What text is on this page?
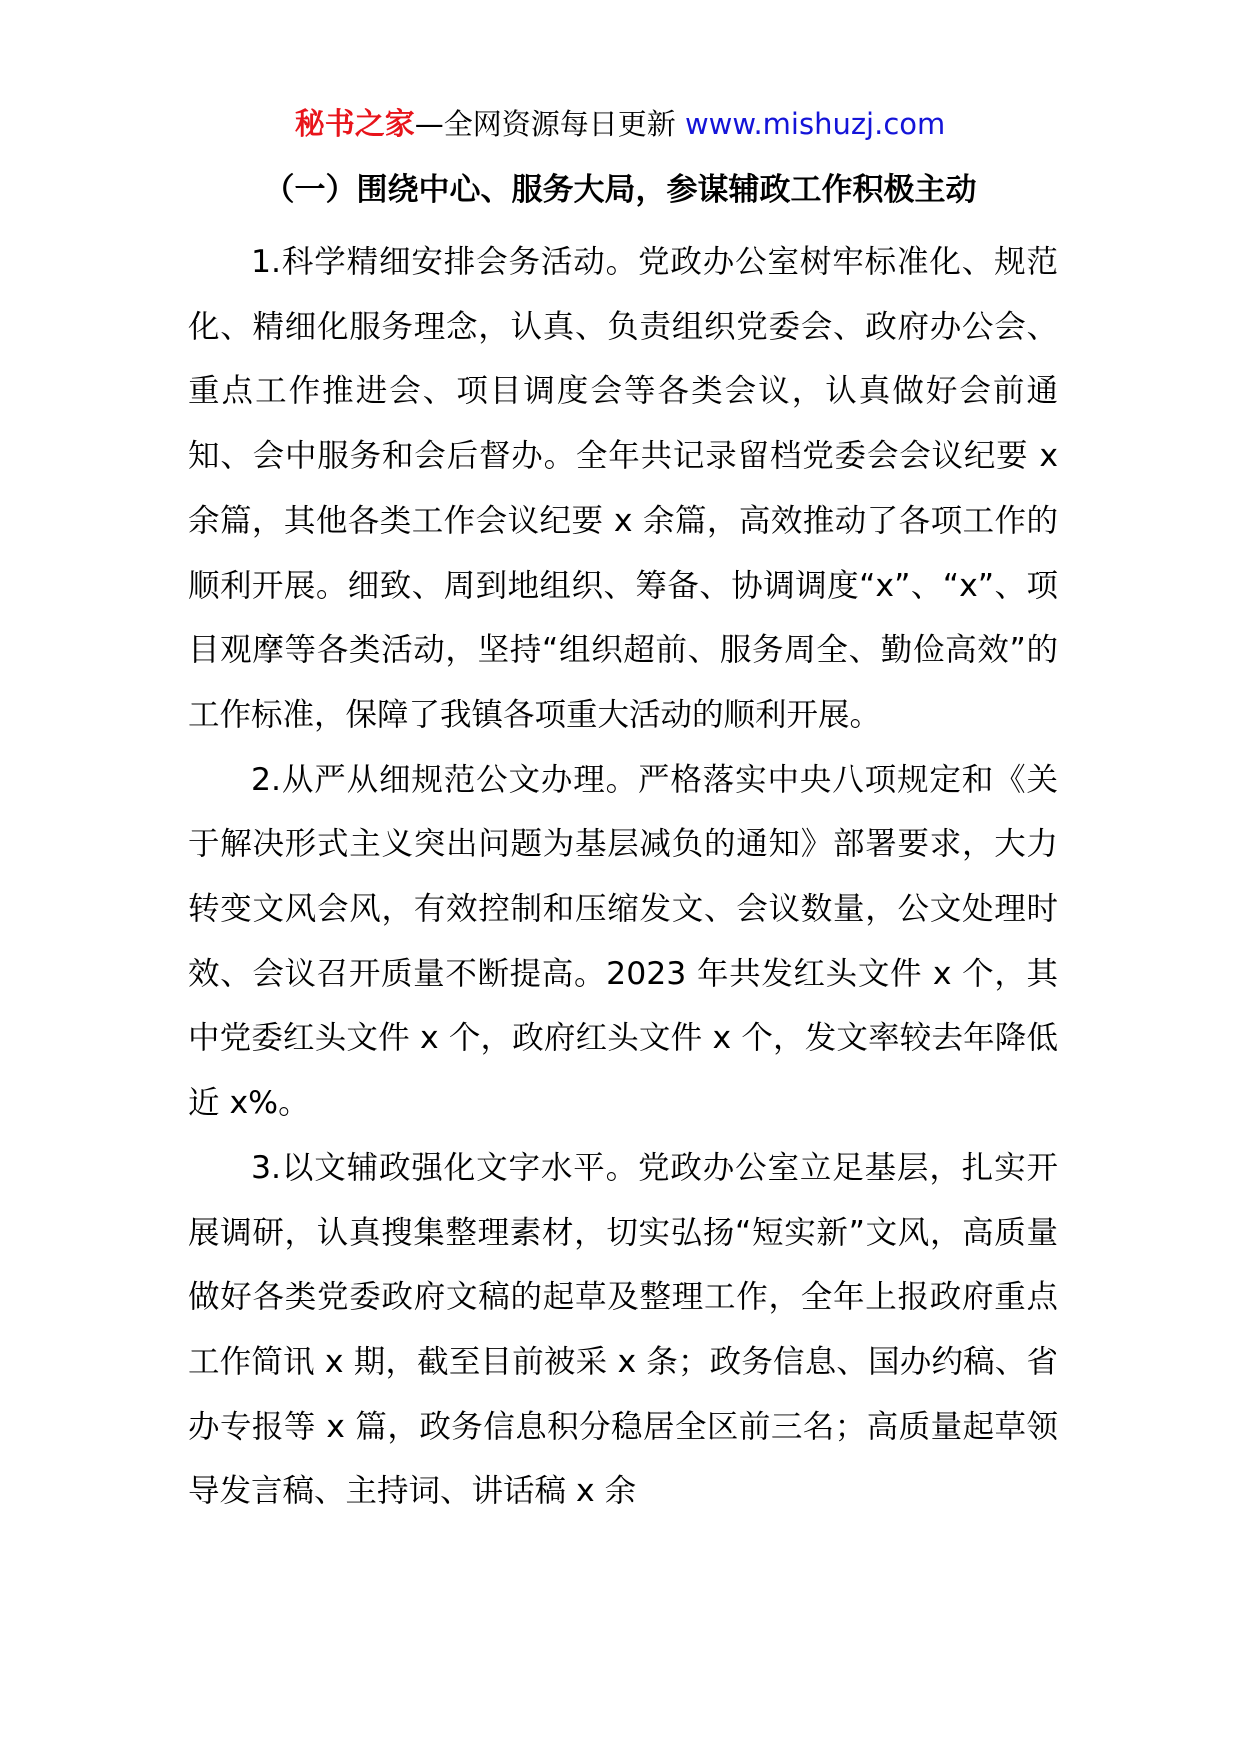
秘书之家—全网资源每日更新 www.mishuzj.com
（一）围绕中心、服务大局，参谋辅政工作积极主动

1.科学精细安排会务活动。党政办公室树牢标准化、规范化、精细化服务理念，认真、负责组织党委会、政府办公会、重点工作推进会、项目调度会等各类会议，认真做好会前通知、会中服务和会后督办。全年共记录留档党委会会议纪要 x 余篇，其他各类工作会议纪要 x 余篇，高效推动了各项工作的顺利开展。细致、周到地组织、筹备、协调调度“x”、“x”、项目观摩等各类活动，坚持“组织超前、服务周全、勤俭高效”的工作标准，保障了我镇各项重大活动的顺利开展。

2.从严从细规范公文办理。严格落实中央八项规定和《关于解决形式主义突出问题为基层减负的通知》部署要求，大力转变文风会风，有效控制和压缩发文、会议数量，公文处理时效、会议召开质量不断提高。2023 年共发红头文件 x 个，其中党委红头文件 x 个，政府红头文件 x 个，发文率较去年降低近 x%。

3.以文辅政强化文字水平。党政办公室立足基层，扎实开展调研，认真搜集整理素材，切实弘扬“短实新”文风，高质量做好各类党委政府文稿的起草及整理工作，全年上报政府重点工作简讯 x 期，截至目前被采 x 条；政务信息、国办约稿、省办专报等 x 篇，政务信息积分稳居全区前三名；高质量起草领导发言稿、主持词、讲话稿 x 余
